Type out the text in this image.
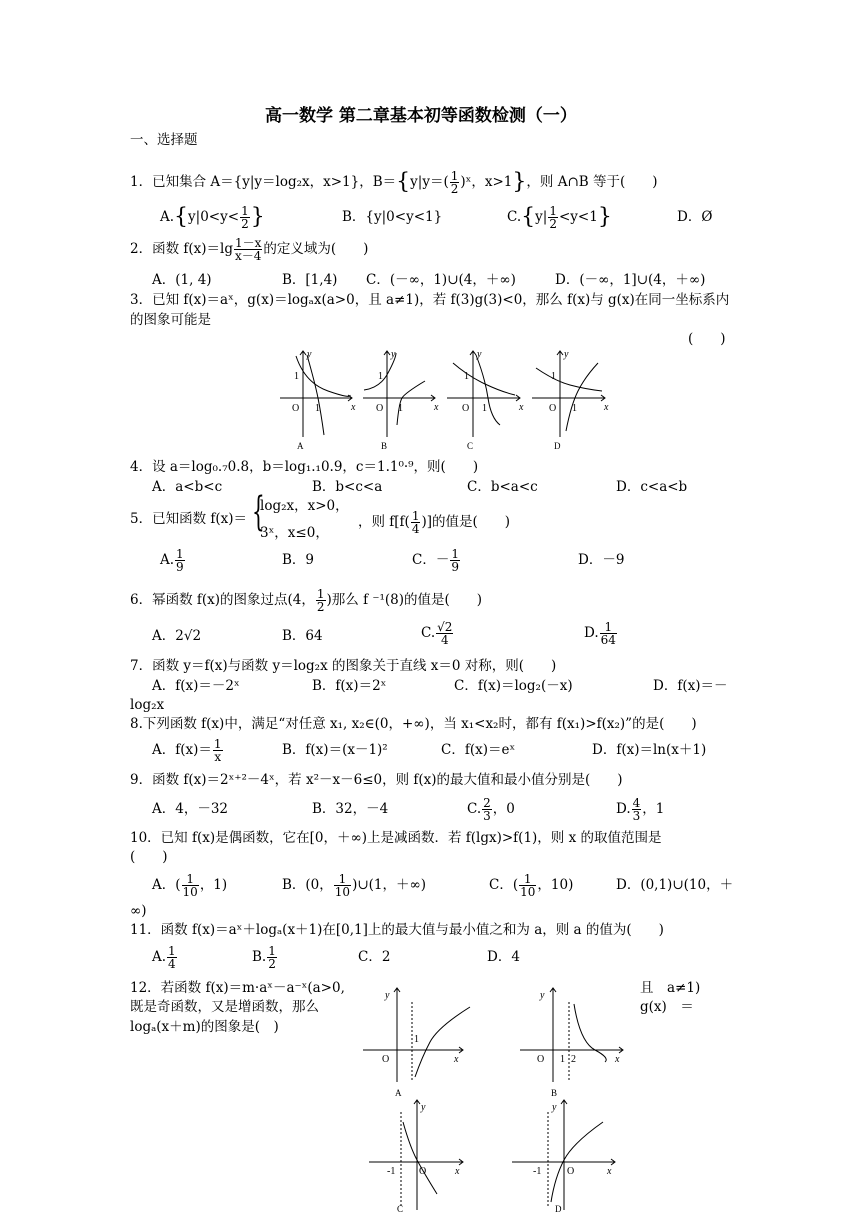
高一数学 第二章基本初等函数检测（一）
一、选择题
1．已知集合 A＝{y|y＝log₂x，x>1}，$B=\{y|y=( \frac{1}{2}$ )ˣ，x>1}，则 A∩B 等于(　　)
$A.\{y|0<y< \frac{1}{2}$ }	B．{y|0<y<1}	$C.\{y| \frac{1}{2} <y<1\}$	D．Ø
2．函数 $f(x)=\lg \frac{1-x}{x-4}$ 的定义域为(　　)
A．(1, 4)	B．[1,4) C．(－∞，1)∪(4，＋∞)	D．(－∞，1]∪(4，＋∞)
3．已知 f(x)＝aˣ，g(x)＝logₐx(a>0，且 a≠1)，若 f(3)g(3)<0，那么 f(x)与 g(x)在同一坐标系内
的图象可能是
(　　)
y
x
O
1
1
A
y
x
O
1
1
B
y
x
O
1
1
C
y
x
O
1
1
D
4．设 a＝log₀.₇0.8，b＝log₁.₁0.9，c＝1.1⁰·⁹，则(　　)
A．a<b<c	B．b<c<a	C．b<a<c	D．c<a<b
5．已知函数 f(x)＝ {
log₂x，x>0，
3ˣ，x≤0，
，则 $f[f( \frac{1}{4}$ )]的值是(　　)
A. $\frac{1}{9}$	B．9	C．－ $\frac{1}{9}$	D．－9
6．幂函数 f(x)的图象过点(4， $\frac{1}{2}$ )那么 f ⁻¹(8)的值是(　　)
A．2√2	B．64	C. $\frac{√2}{4}$	D. $\frac{1}{64}$
7．函数 y＝f(x)与函数 y＝log₂x 的图象关于直线 x＝0 对称，则(　　)
A．f(x)＝－2ˣ	B．f(x)＝2ˣ	C．f(x)＝log₂(－x)	D．f(x)＝－
log₂x
8.下列函数 f(x)中，满足“对任意 x₁, x₂∈(0，+∞)，当 x₁<x₂时，都有 f(x₁)>f(x₂)”的是(　　)
A．$f(x)= \frac{1}{x}$	B．f(x)＝(x－1)²	C．f(x)＝eˣ	D．f(x)＝ln(x＋1)
9．函数 f(x)＝2ˣ⁺²－4ˣ，若 x²－x－6≤0，则 f(x)的最大值和最小值分别是(　　)
A．4，－32	B．32，－4	C. $\frac{2}{3}$ ，0	D. $\frac{4}{3}$ ，1
10．已知 f(x)是偶函数，它在[0，＋∞)上是减函数．若 f(lgx)>f(1)，则 x 的取值范围是
(　　)
A．( $\frac{1}{10}$ ，1)	B．(0， $\frac{1}{10}$ )∪(1，＋∞)	C．( $\frac{1}{10}$ ，10)	D．(0,1)∪(10，＋
∞)
11．函数 f(x)＝aˣ＋logₐ(x＋1)在[0,1]上的最大值与最小值之和为 a，则 a 的值为(　　)
A. $\frac{1}{4}$	B. $\frac{1}{2}$	C．2	D．4
12．若函数 f(x)＝m·aˣ－a⁻ˣ(a>0,
既是奇函数，又是增函数，那么
logₐ(x＋m)的图象是(　)
且　a≠1)
g(x)　＝
y
x
O
1
A
y
x
O 1 2
B
y
x
-1 O
C
y
x
-1	O
D
